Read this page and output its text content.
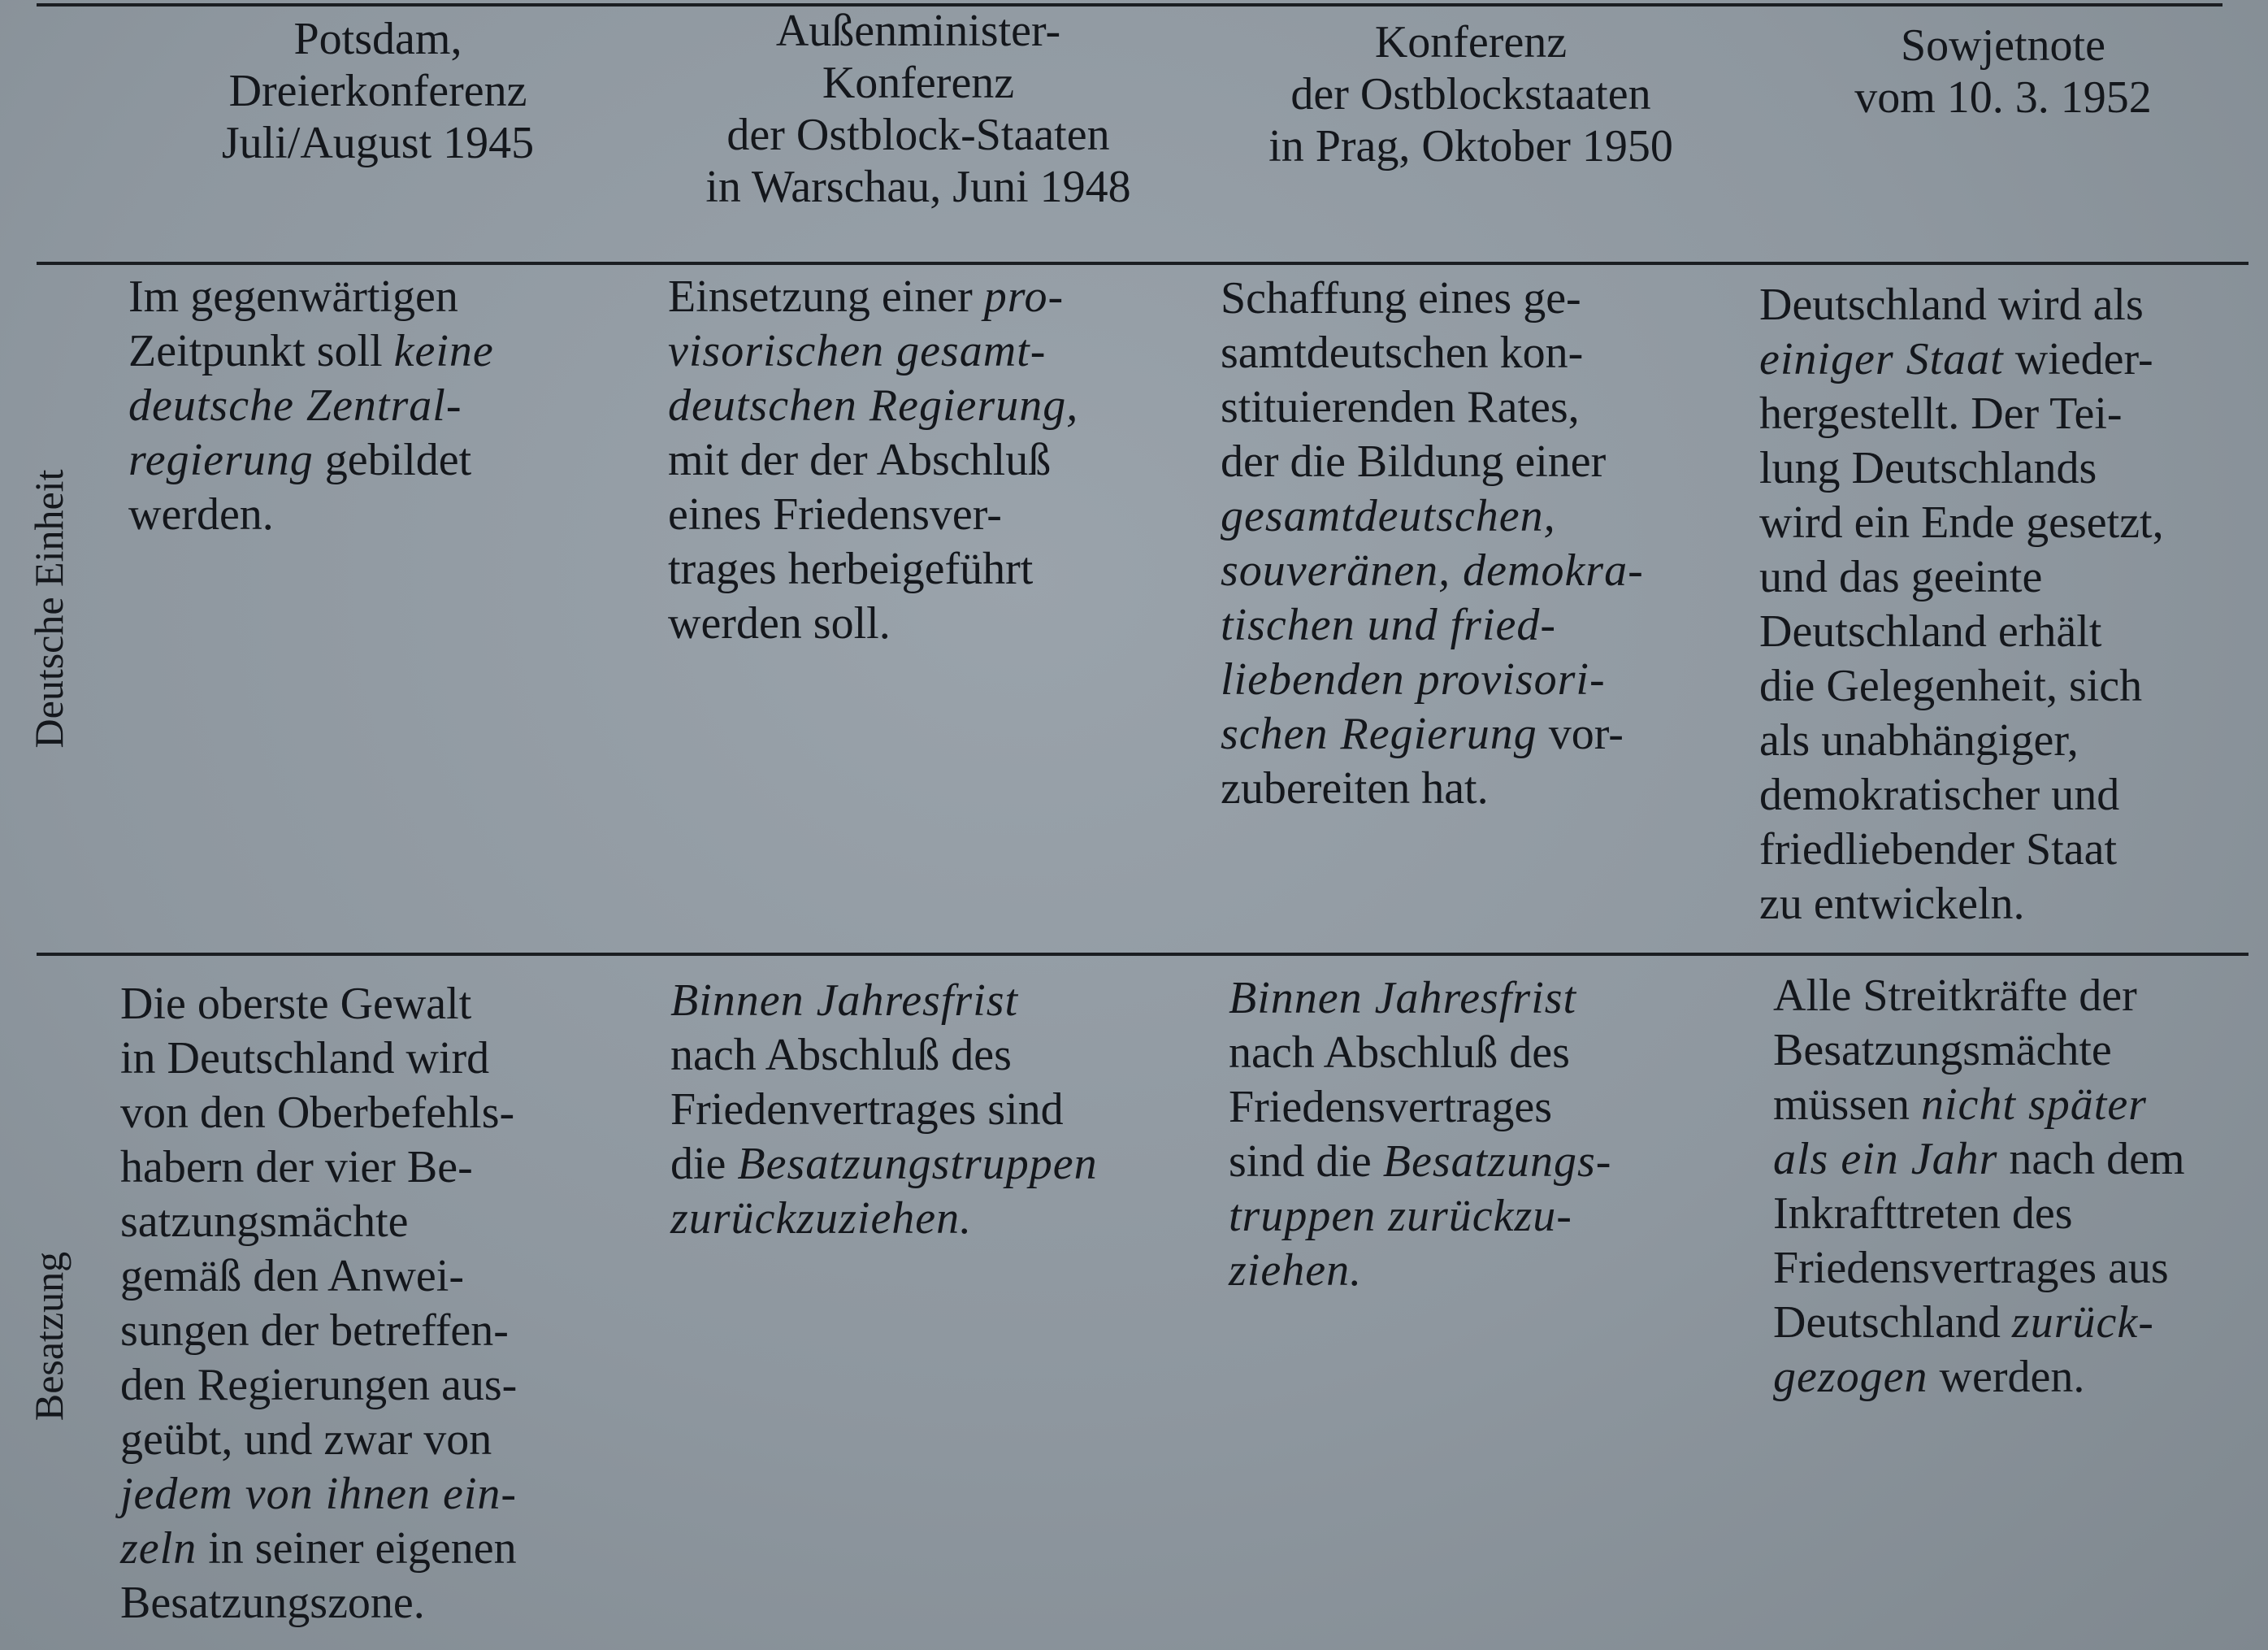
Potsdam,
Dreierkonferenz
Juli/August 1945
Außenminister-
Konferenz
der Ostblock-Staaten
in Warschau, Juni 1948
Konferenz
der Ostblockstaaten
in Prag, Oktober 1950
Sowjetnote
vom 10. 3. 1952
Deutsche Einheit
Besatzung
Im gegenwärtigen
Zeitpunkt soll keine
deutsche Zentral-
regierung gebildet
werden.
Einsetzung einer pro-
visorischen gesamt-
deutschen Regierung,
mit der der Abschluß
eines Friedensver-
trages herbeigeführt
werden soll.
Schaffung eines ge-
samtdeutschen kon-
stituierenden Rates,
der die Bildung einer
gesamtdeutschen,
souveränen, demokra-
tischen und fried-
liebenden provisori-
schen Regierung vor-
zubereiten hat.
Deutschland wird als
einiger Staat wieder-
hergestellt. Der Tei-
lung Deutschlands
wird ein Ende gesetzt,
und das geeinte
Deutschland erhält
die Gelegenheit, sich
als unabhängiger,
demokratischer und
friedliebender Staat
zu entwickeln.
Die oberste Gewalt
in Deutschland wird
von den Oberbefehls-
habern der vier Be-
satzungsmächte
gemäß den Anwei-
sungen der betreffen-
den Regierungen aus-
geübt, und zwar von
jedem von ihnen ein-
zeln in seiner eigenen
Besatzungszone.
Binnen Jahresfrist
nach Abschluß des
Friedenvertrages sind
die Besatzungstruppen
zurückzuziehen.
Binnen Jahresfrist
nach Abschluß des
Friedensvertrages
sind die Besatzungs-
truppen zurückzu-
ziehen.
Alle Streitkräfte der
Besatzungsmächte
müssen nicht später
als ein Jahr nach dem
Inkrafttreten des
Friedensvertrages aus
Deutschland zurück-
gezogen werden.
